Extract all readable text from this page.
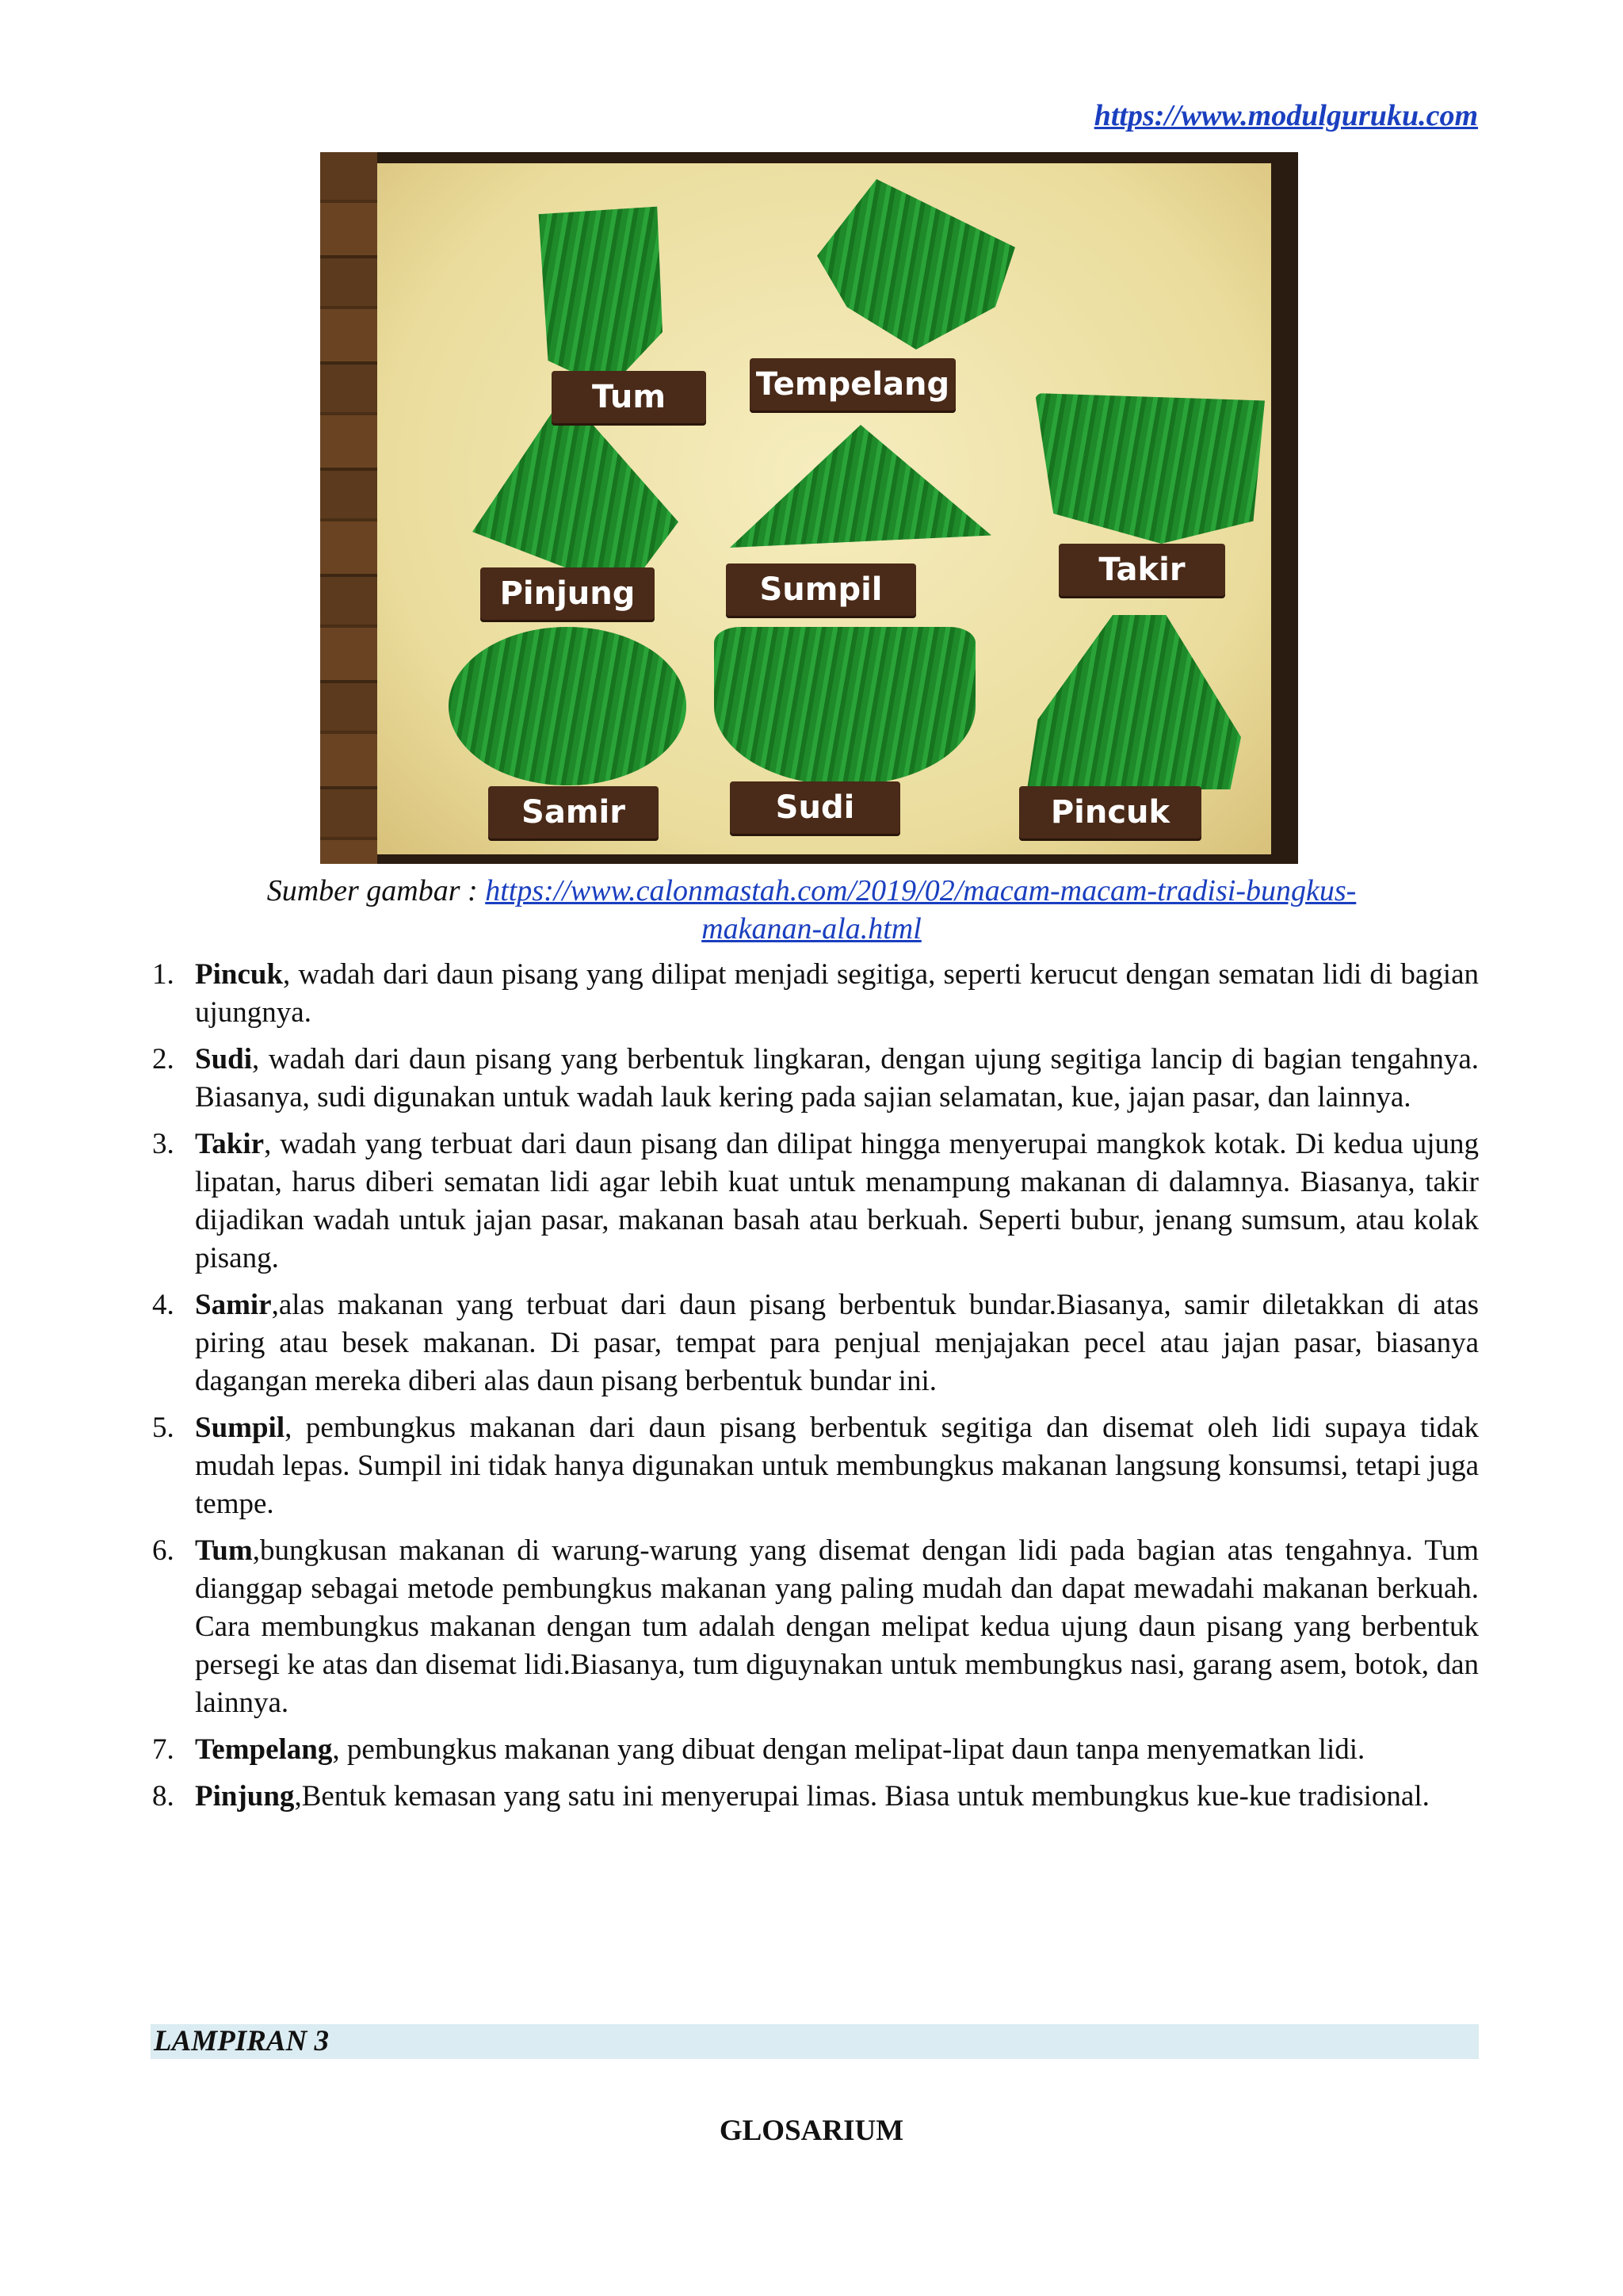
https://www.modulguruku.com
Tum	Tempelang
Takir
Pinjung	Sumpil
Samir	Sudi	Pincuk
Sumber gambar : https://www.calonmastah.com/2019/02/macam-macam-tradisi-bungkus-
makanan-ala.html
1. Pincuk, wadah dari daun pisang yang dilipat menjadi segitiga, seperti kerucut dengan sematan lidi di bagian ujungnya.
2. Sudi, wadah dari daun pisang yang berbentuk lingkaran, dengan ujung segitiga lancip di bagian tengahnya. Biasanya, sudi digunakan untuk wadah lauk kering pada sajian selamatan, kue, jajan pasar, dan lainnya.
3. Takir, wadah yang terbuat dari daun pisang dan dilipat hingga menyerupai mangkok kotak. Di kedua ujung lipatan, harus diberi sematan lidi agar lebih kuat untuk menampung makanan di dalamnya. Biasanya, takir dijadikan wadah untuk jajan pasar, makanan basah atau berkuah. Seperti bubur, jenang sumsum, atau kolak pisang.
4. Samir,alas makanan yang terbuat dari daun pisang berbentuk bundar.Biasanya, samir diletakkan di atas piring atau besek makanan. Di pasar, tempat para penjual menjajakan pecel atau jajan pasar, biasanya dagangan mereka diberi alas daun pisang berbentuk bundar ini.
5. Sumpil, pembungkus makanan dari daun pisang berbentuk segitiga dan disemat oleh lidi supaya tidak mudah lepas. Sumpil ini tidak hanya digunakan untuk membungkus makanan langsung konsumsi, tetapi juga tempe.
6. Tum,bungkusan makanan di warung-warung yang disemat dengan lidi pada bagian atas tengahnya. Tum dianggap sebagai metode pembungkus makanan yang paling mudah dan dapat mewadahi makanan berkuah. Cara membungkus makanan dengan tum adalah dengan melipat kedua ujung daun pisang yang berbentuk persegi ke atas dan disemat lidi.Biasanya, tum diguynakan untuk membungkus nasi, garang asem, botok, dan lainnya.
7. Tempelang, pembungkus makanan yang dibuat dengan melipat-lipat daun tanpa menyematkan lidi.
8. Pinjung,Bentuk kemasan yang satu ini menyerupai limas. Biasa untuk membungkus kue-kue tradisional.
LAMPIRAN 3
GLOSARIUM
